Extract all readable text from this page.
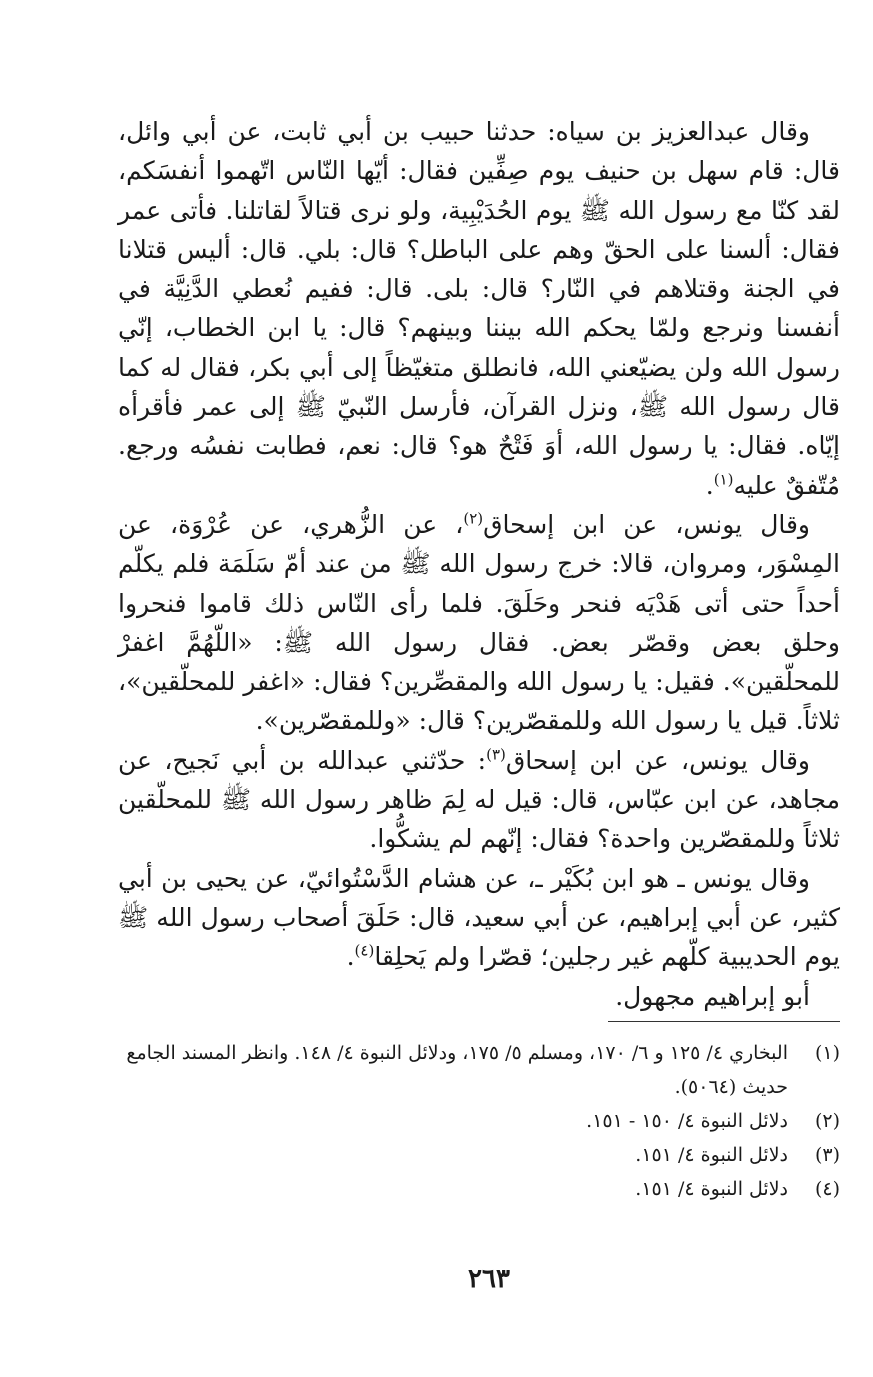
وقال عبدالعزيز بن سياه: حدثنا حبيب بن أبي ثابت، عن أبي وائل، قال: قام سهل بن حنيف يوم صِفِّين فقال: أيّها النّاس اتّهموا أنفسَكم، لقد كنّا مع رسول الله ﷺ يوم الحُدَيْبِية، ولو نرى قتالاً لقاتلنا. فأتى عمر فقال: ألسنا على الحقّ وهم على الباطل؟ قال: بلي. قال: أليس قتلانا في الجنة وقتلاهم في النّار؟ قال: بلى. قال: ففيم نُعطي الدَّنِيَّة في أنفسنا ونرجع ولمّا يحكم الله بيننا وبينهم؟ قال: يا ابن الخطاب، إنّي رسول الله ولن يضيّعني الله، فانطلق متغيّظاً إلى أبي بكر، فقال له كما قال رسول الله ﷺ، ونزل القرآن، فأرسل النّبيّ ﷺ إلى عمر فأقرأه إيّاه. فقال: يا رسول الله، أوَ فَتْحٌ هو؟ قال: نعم، فطابت نفسُه ورجع. مُتّفقٌ عليه$^{(١)}$.

وقال يونس، عن ابن إسحاق$^{(٢)}$، عن الزُّهري، عن عُرْوَة، عن المِسْوَر، ومروان، قالا: خرج رسول الله ﷺ من عند أمّ سَلَمَة فلم يكلّم أحداً حتى أتى هَدْيَه فنحر وحَلَقَ. فلما رأى النّاس ذلك قاموا فنحروا وحلق بعض وقصّر بعض. فقال رسول الله ﷺ: «اللّهُمَّ اغفرْ للمحلّقين». فقيل: يا رسول الله والمقصِّرين؟ فقال: «اغفر للمحلّقين»، ثلاثاً. قيل يا رسول الله وللمقصّرين؟ قال: «وللمقصّرين».

وقال يونس، عن ابن إسحاق$^{(٣)}$: حدّثني عبدالله بن أبي نَجيح، عن مجاهد، عن ابن عبّاس، قال: قيل له لِمَ ظاهر رسول الله ﷺ للمحلّقين ثلاثاً وللمقصّرين واحدة؟ فقال: إنّهم لم يشكُّوا.

وقال يونس ـ هو ابن بُكَيْر ـ، عن هشام الدَّسْتُوائيّ، عن يحيى بن أبي كثير، عن أبي إبراهيم، عن أبي سعيد، قال: حَلَقَ أصحاب رسول الله ﷺ يوم الحديبية كلّهم غير رجلين؛ قصّرا ولم يَحلِقا$^{(٤)}$.

أبو إبراهيم مجهول.

(١)
البخاري ٤/ ١٢٥ و ٦/ ١٧٠، ومسلم ٥/ ١٧٥، ودلائل النبوة ٤/ ١٤٨. وانظر المسند الجامع حديث (٥٠٦٤).
(٢)
دلائل النبوة ٤/ ١٥٠ - ١٥١.
(٣)
دلائل النبوة ٤/ ١٥١.
(٤)
دلائل النبوة ٤/ ١٥١.
٢٦٣
